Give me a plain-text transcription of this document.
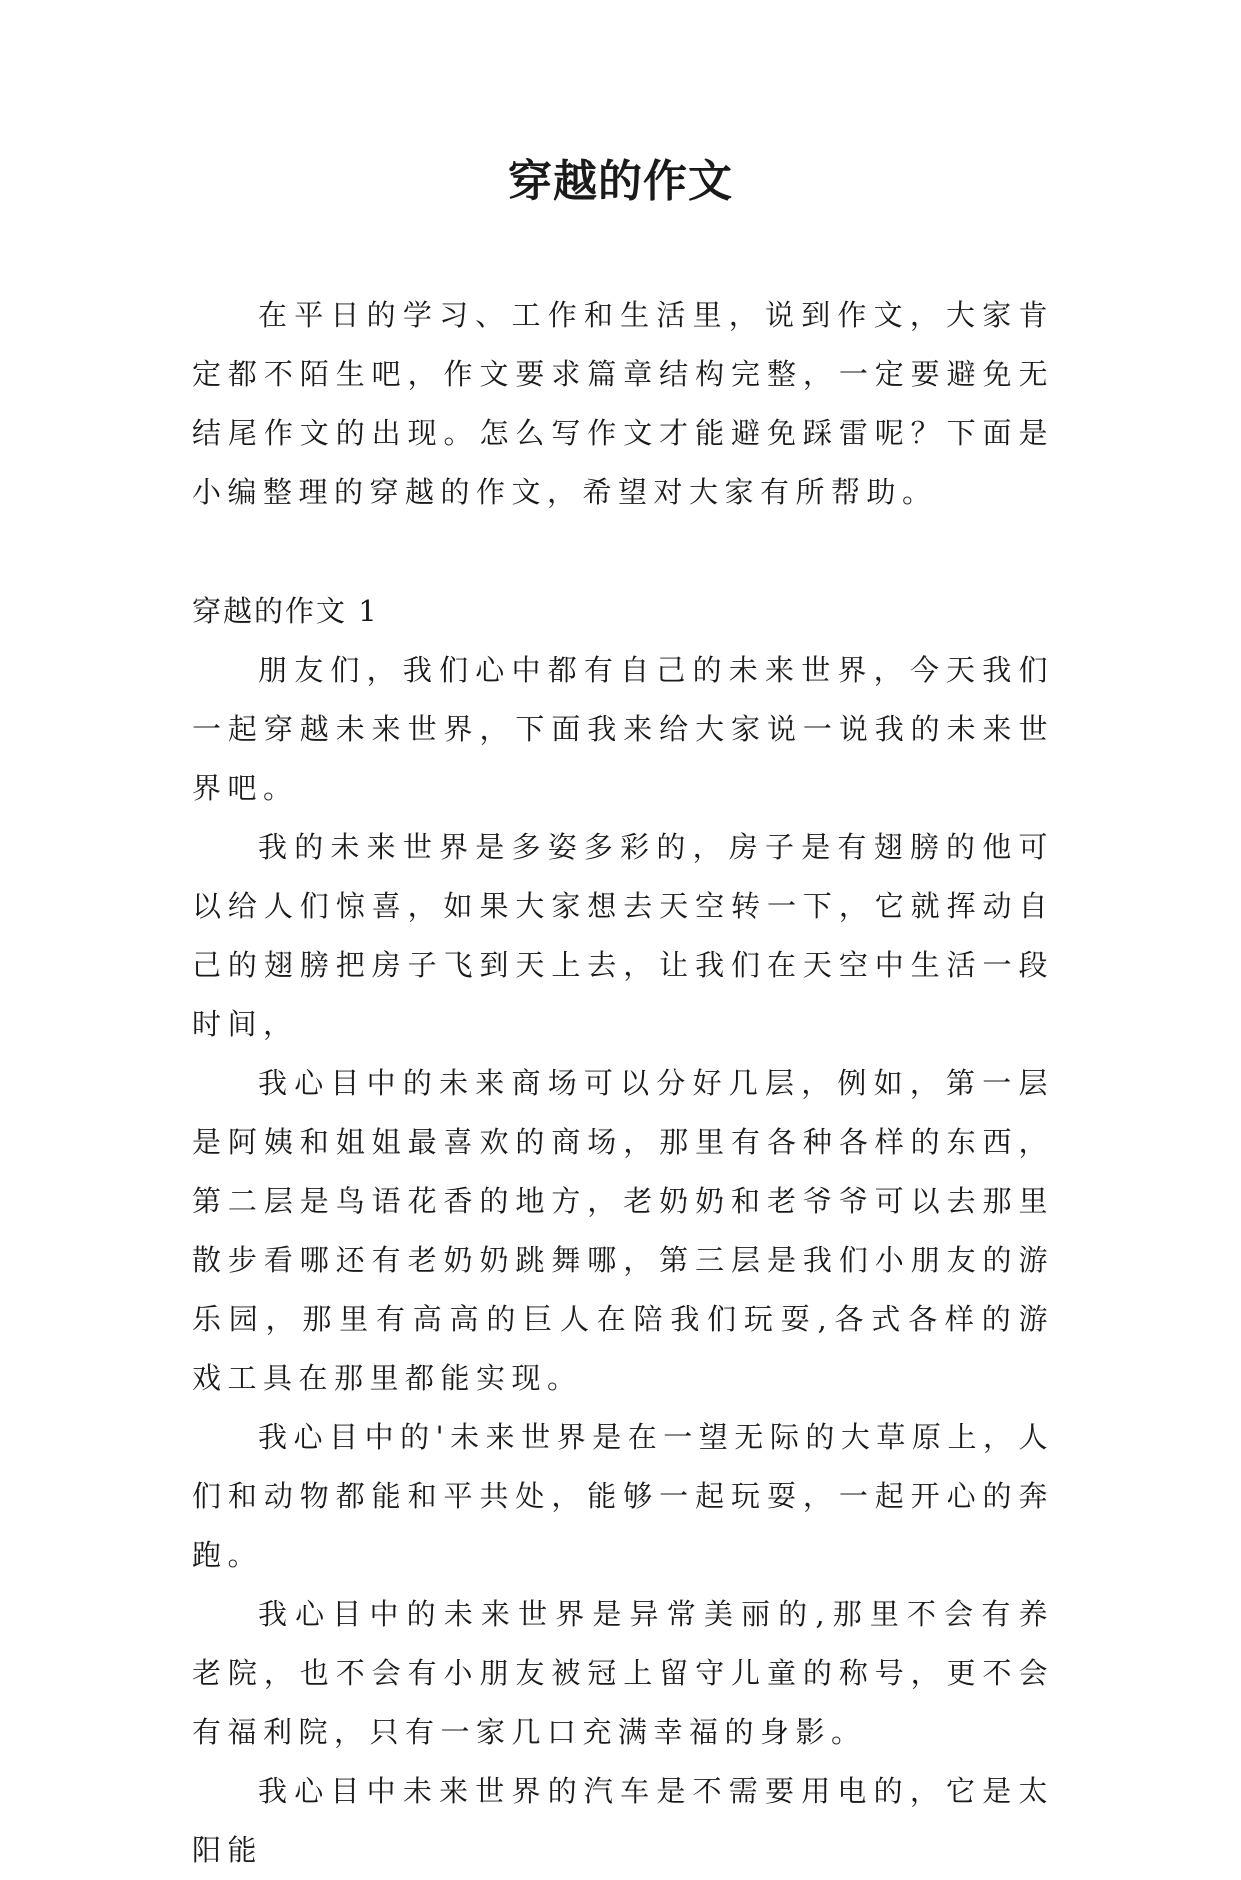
穿越的作文

在平日的学习、工作和生活里，说到作文，大家肯定都不陌生吧，作文要求篇章结构完整，一定要避免无结尾作文的出现。怎么写作文才能避免踩雷呢？下面是小编整理的穿越的作文，希望对大家有所帮助。

穿越的作文 1

朋友们，我们心中都有自己的未来世界，今天我们一起穿越未来世界，下面我来给大家说一说我的未来世界吧。

我的未来世界是多姿多彩的，房子是有翅膀的他可以给人们惊喜，如果大家想去天空转一下，它就挥动自己的翅膀把房子飞到天上去，让我们在天空中生活一段时间，

我心目中的未来商场可以分好几层，例如，第一层是阿姨和姐姐最喜欢的商场，那里有各种各样的东西，第二层是鸟语花香的地方，老奶奶和老爷爷可以去那里散步看哪还有老奶奶跳舞哪，第三层是我们小朋友的游乐园，那里有高高的巨人在陪我们玩耍,各式各样的游戏工具在那里都能实现。

我心目中的'未来世界是在一望无际的大草原上，人们和动物都能和平共处，能够一起玩耍，一起开心的奔跑。

我心目中的未来世界是异常美丽的,那里不会有养老院，也不会有小朋友被冠上留守儿童的称号，更不会有福利院，只有一家几口充满幸福的身影。

我心目中未来世界的汽车是不需要用电的，它是太阳能
